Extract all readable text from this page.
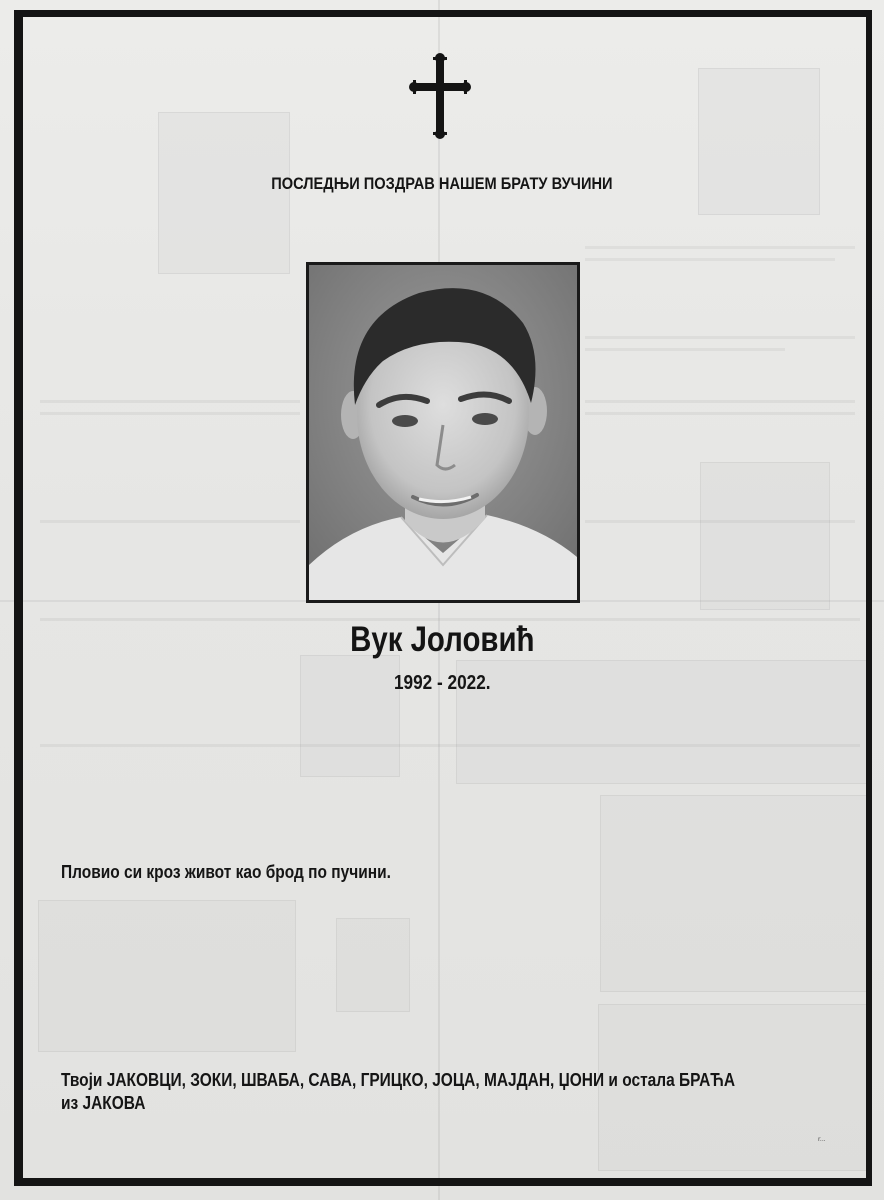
ПОСЛЕДЊИ ПОЗДРАВ НАШЕМ БРАТУ ВУЧИНИ
Вук Јоловић
1992 - 2022.
Пловио си кроз живот као брод по пучини.
Твоји ЈАКОВЦИ, ЗОКИ, ШВАБА, САВА, ГРИЦКО, ЈОЦА, МАЈДАН, ЏОНИ и остала БРАЋА
из ЈАКОВА
r...
